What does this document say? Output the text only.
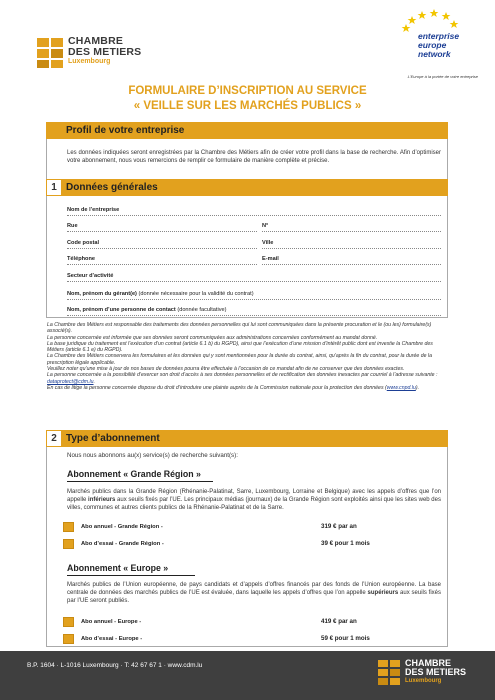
CHAMBRE
DES METIERS
Luxembourg
enterprise
europe
network
L'Europe à la portée de votre entreprise
FORMULAIRE D’INSCRIPTION AU SERVICE
« VEILLE SUR LES MARCHÉS PUBLICS »
Profil de votre entreprise
Les données indiquées seront enregistrées par la Chambre des Métiers afin de créer votre profil dans la base de recherche. Afin d’optimiser votre abonnement, nous vous remercions de remplir ce formulaire de manière complète et précise.
1 Données générales
Nom de l’entreprise
Rue	N°
Code postal	Ville
Téléphone	E-mail
Secteur d’activité
Nom, prénom du gérant(e) (donnée nécessaire pour la validité du contrat)
Nom, prénom d’une personne de contact (donnée facultative)
La Chambre des Métiers est responsable des traitements des données personnelles qui lui sont communiquées dans la présente procuration et le (ou les) formulaire(s) associé(s).
La personne concernée est informée que ses données seront communiquées aux administrations concernées conformément au mandat donné.
La base juridique du traitement est l’exécution d’un contrat (article 6.1 b) du RGPD), ainsi que l’exécution d’une mission d’intérêt public dont est investie la Chambre des Métiers (article 6.1 e) du RGPD).
La Chambre des Métiers conservera les formulaires et les données qui y sont mentionnées pour la durée du contrat, ainsi, qu’après la fin du contrat, pour la durée de la prescription légale applicable.
Veuillez noter qu’une mise à jour de nos bases de données pourra être effectuée à l’occasion de ce mandat afin de ne conserver que des données exactes.
La personne concernée a la possibilité d’exercer son droit d’accès à ses données personnelles et de rectification des données inexactes par courriel à l’adresse suivante : dataprotect@cdm.lu.
En cas de litige la personne concernée dispose du droit d’introduire une plainte auprès de la Commission nationale pour la protection des données (www.cnpd.lu).
2 Type d’abonnement
Nous nous abonnons au(x) service(s) de recherche suivant(s):
Abonnement « Grande Région »
Marchés publics dans la Grande Région (Rhénanie-Palatinat, Sarre, Luxembourg, Lorraine et Belgique) avec les appels d’offres que l’on appelle inférieurs aux seuils fixés par l’UE. Les principaux médias (journaux) de la Grande Région sont exploités ainsi que les sites web des villes, communes et autres clients publics de la Rhénanie-Palatinat et de la Sarre.
Abo annuel - Grande Région -	319 € par an
Abo d’essai - Grande Région -	39 € pour 1 mois
Abonnement « Europe »
Marchés publics de l’Union européenne, de pays candidats et d’appels d’offres financés par des fonds de l’Union européenne. La base centrale de données des marchés publics de l’UE est évaluée, dans laquelle les appels d’offres que l’on appelle supérieurs aux seuils fixés par l’UE seront publiés.
Abo annuel - Europe -	419 € par an
Abo d’essai - Europe -	59 € pour 1 mois
B.P. 1604 · L-1016 Luxembourg · T: 42 67 67 1 · www.cdm.lu	CHAMBRE
DES METIERS
Luxembourg
